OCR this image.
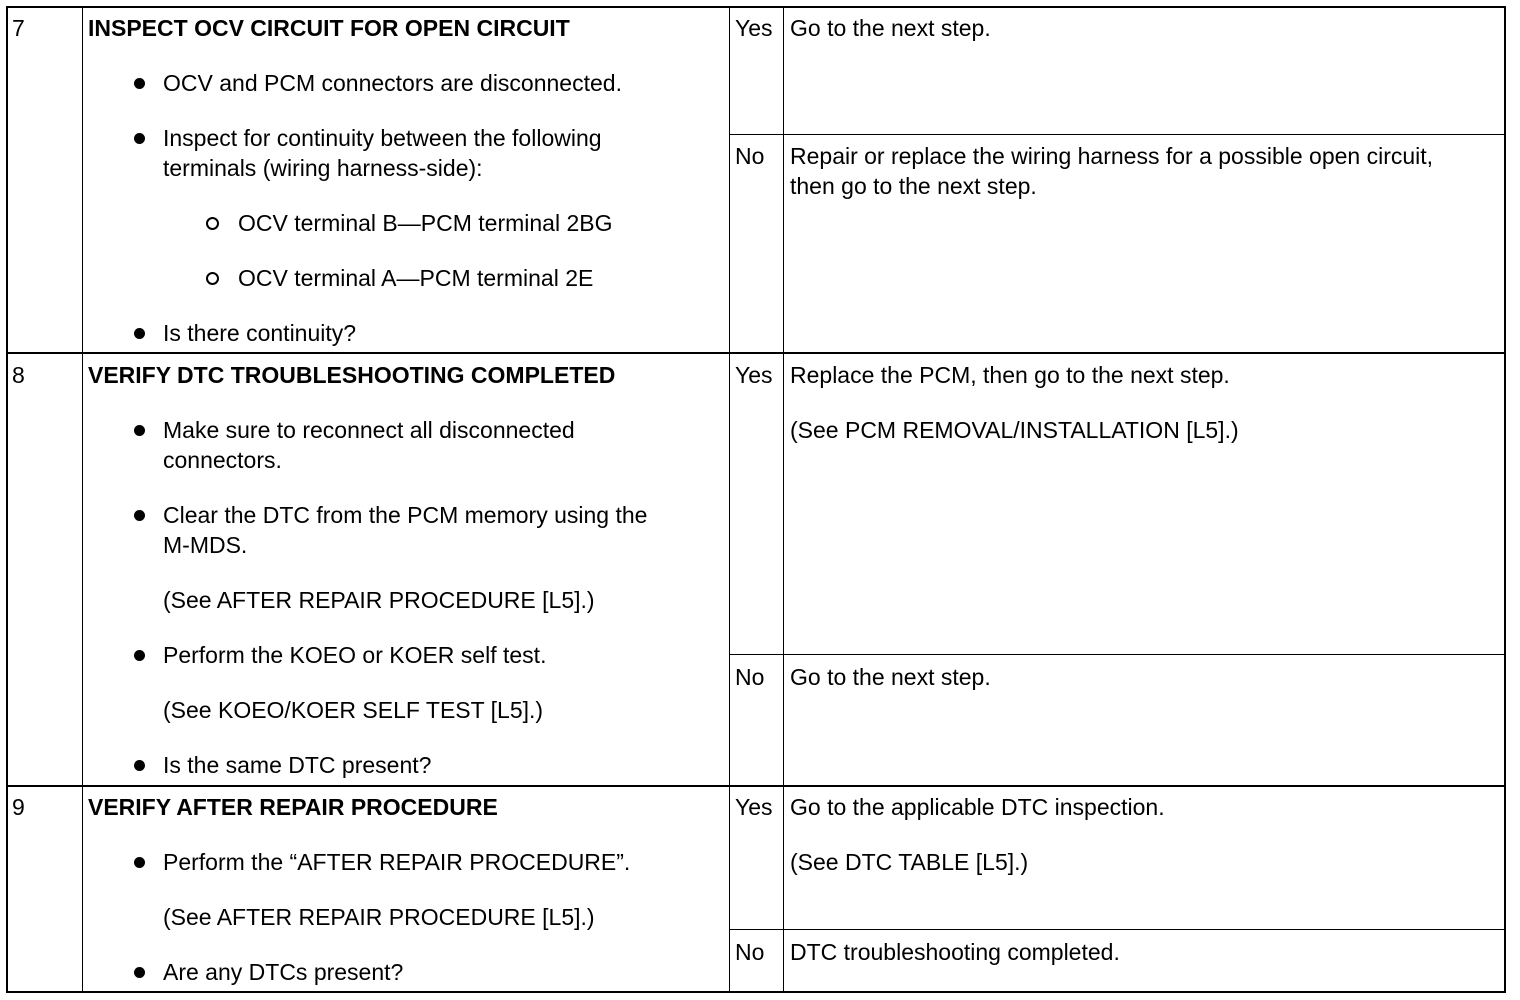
7	INSPECT OCV CIRCUIT FOR OPEN CIRCUIT
OCV and PCM connectors are disconnected.
Inspect for continuity between the following
terminals (wiring harness-side):
OCV terminal B—PCM terminal 2BG
OCV terminal A—PCM terminal 2E
Is there continuity?
Yes Go to the next step.
No Repair or replace the wiring harness for a possible open circuit,
then go to the next step.
8	VERIFY DTC TROUBLESHOOTING COMPLETED
Make sure to reconnect all disconnected
connectors.
Clear the DTC from the PCM memory using the
M-MDS.
(See AFTER REPAIR PROCEDURE [L5].)
Perform the KOEO or KOER self test.
(See KOEO/KOER SELF TEST [L5].)
Is the same DTC present?
Yes Replace the PCM, then go to the next step.
(See PCM REMOVAL/INSTALLATION [L5].)
No Go to the next step.
9	VERIFY AFTER REPAIR PROCEDURE
Perform the “AFTER REPAIR PROCEDURE”.
(See AFTER REPAIR PROCEDURE [L5].)
Are any DTCs present?
Yes Go to the applicable DTC inspection.
(See DTC TABLE [L5].)
No DTC troubleshooting completed.
